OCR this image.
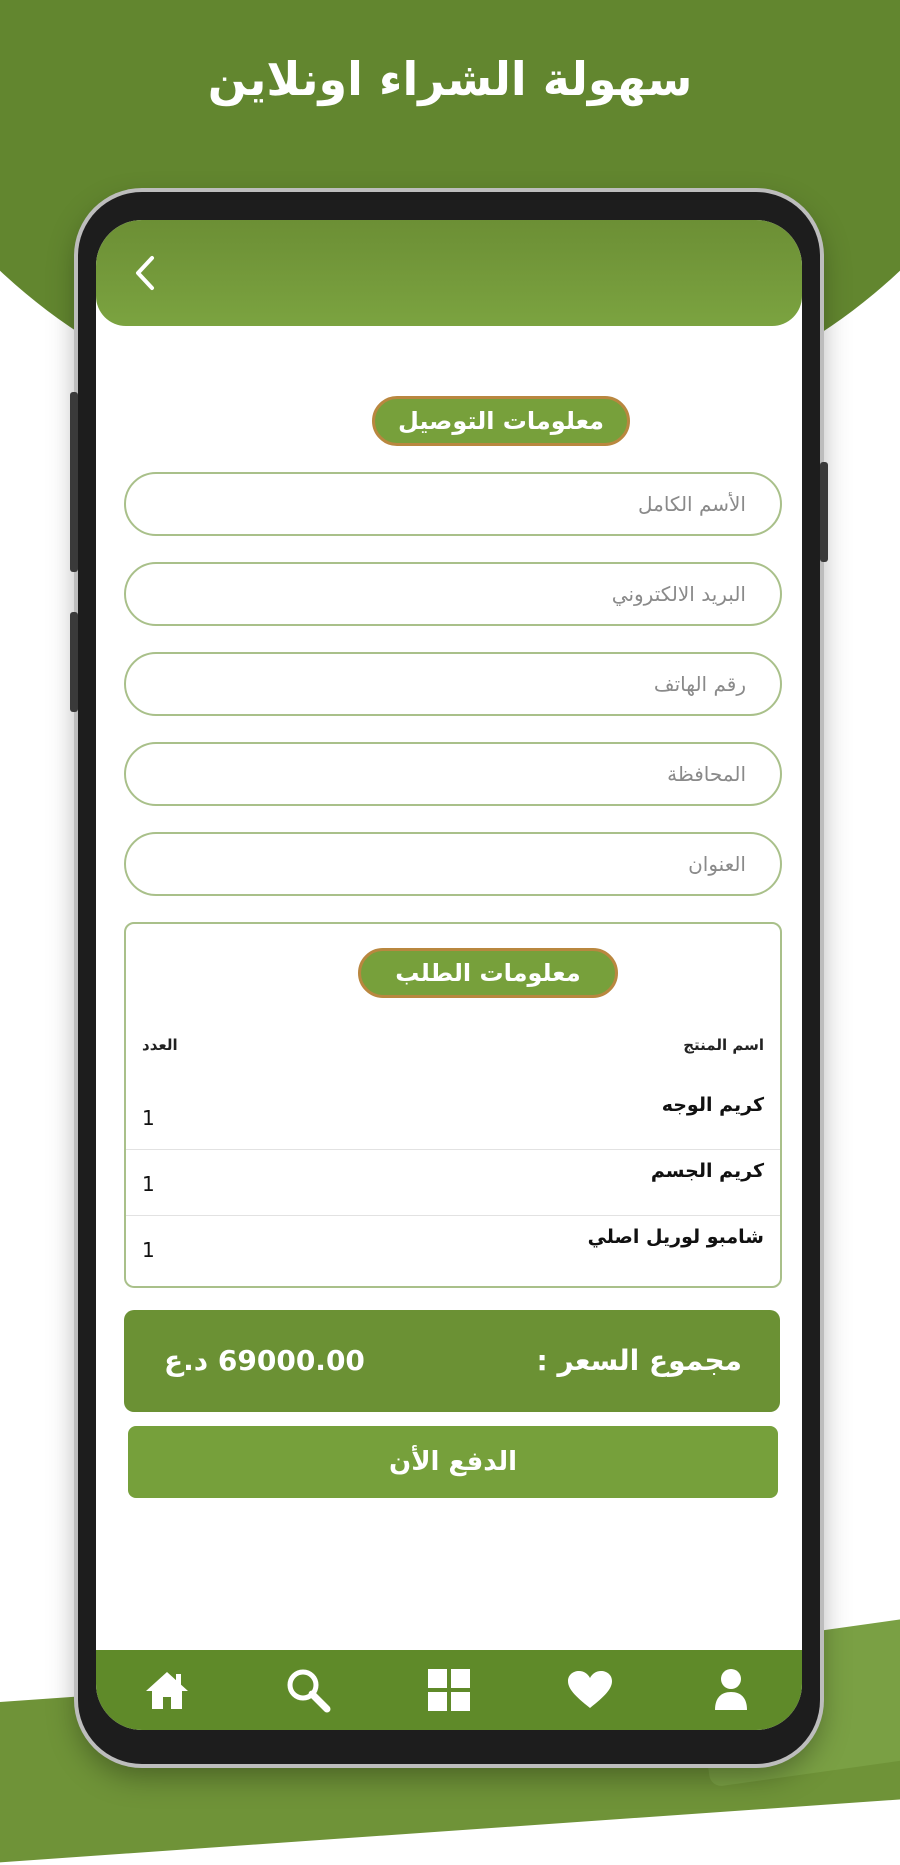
سهولة الشراء اونلاين
معلومات التوصيل
الأسم الكامل
البريد الالكتروني
رقم الهاتف
المحافظة
العنوان
معلومات الطلب
اسم المنتج
العدد
كريم الوجه
1
كريم الجسم
1
شامبو لوريل اصلي
1
مجموع السعر :
69000.00 د.ع
الدفع الأن
